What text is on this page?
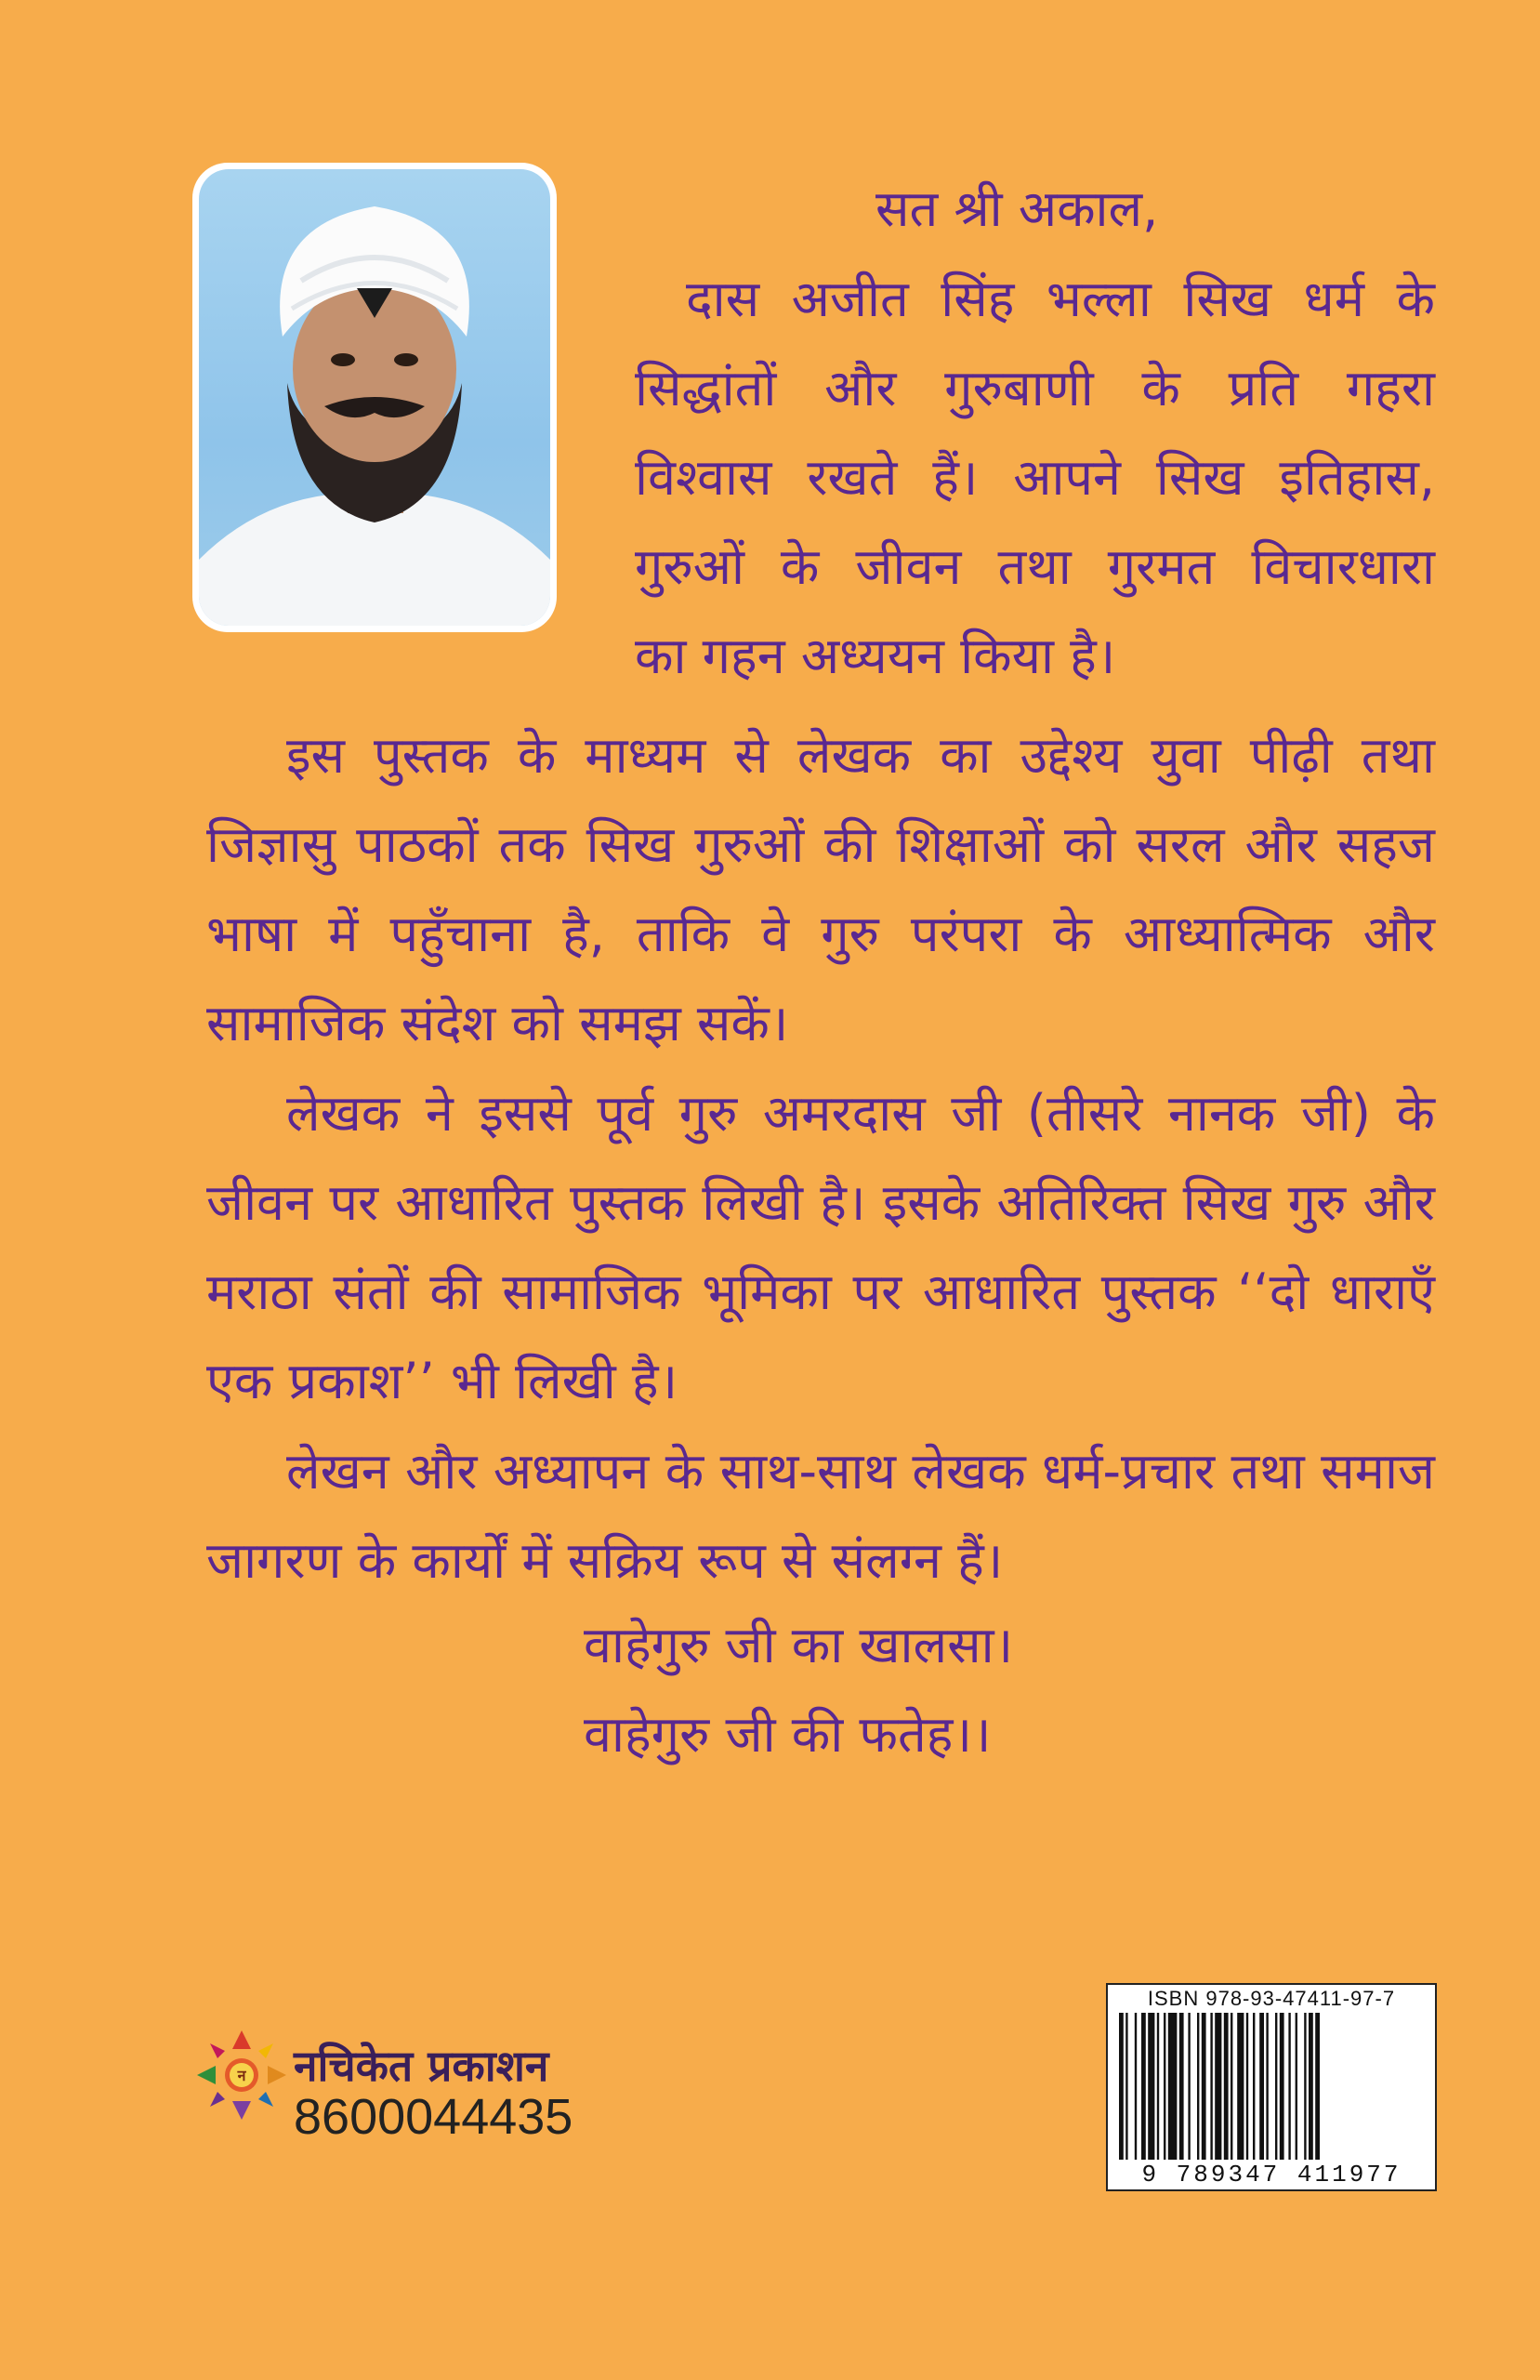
सत श्री अकाल,
दास अजीत सिंह भल्ला सिख धर्म के
सिद्धांतों और गुरुबाणी के प्रति गहरा
विश्वास रखते हैं। आपने सिख इतिहास,
गुरुओं के जीवन तथा गुरमत विचारधारा
का गहन अध्ययन किया है।
इस पुस्तक के माध्यम से लेखक का उद्देश्य युवा पीढ़ी तथा जिज्ञासु पाठकों तक सिख गुरुओं की शिक्षाओं को सरल और सहज भाषा में पहुँचाना है, ताकि वे गुरु परंपरा के आध्यात्मिक और सामाजिक संदेश को समझ सकें।
लेखक ने इससे पूर्व गुरु अमरदास जी (तीसरे नानक जी) के जीवन पर आधारित पुस्तक लिखी है। इसके अतिरिक्त सिख गुरु और मराठा संतों की सामाजिक भूमिका पर आधारित पुस्तक ‘‘दो धाराएँ एक प्रकाश’’ भी लिखी है।
लेखन और अध्यापन के साथ-साथ लेखक धर्म-प्रचार तथा समाज जागरण के कार्यों में सक्रिय रूप से संलग्न हैं।
वाहेगुरु जी का खालसा।
वाहेगुरु जी की फतेह।।
न नचिकेत प्रकाशन
8600044435
ISBN 978-93-47411-97-7
9 789347 411977
